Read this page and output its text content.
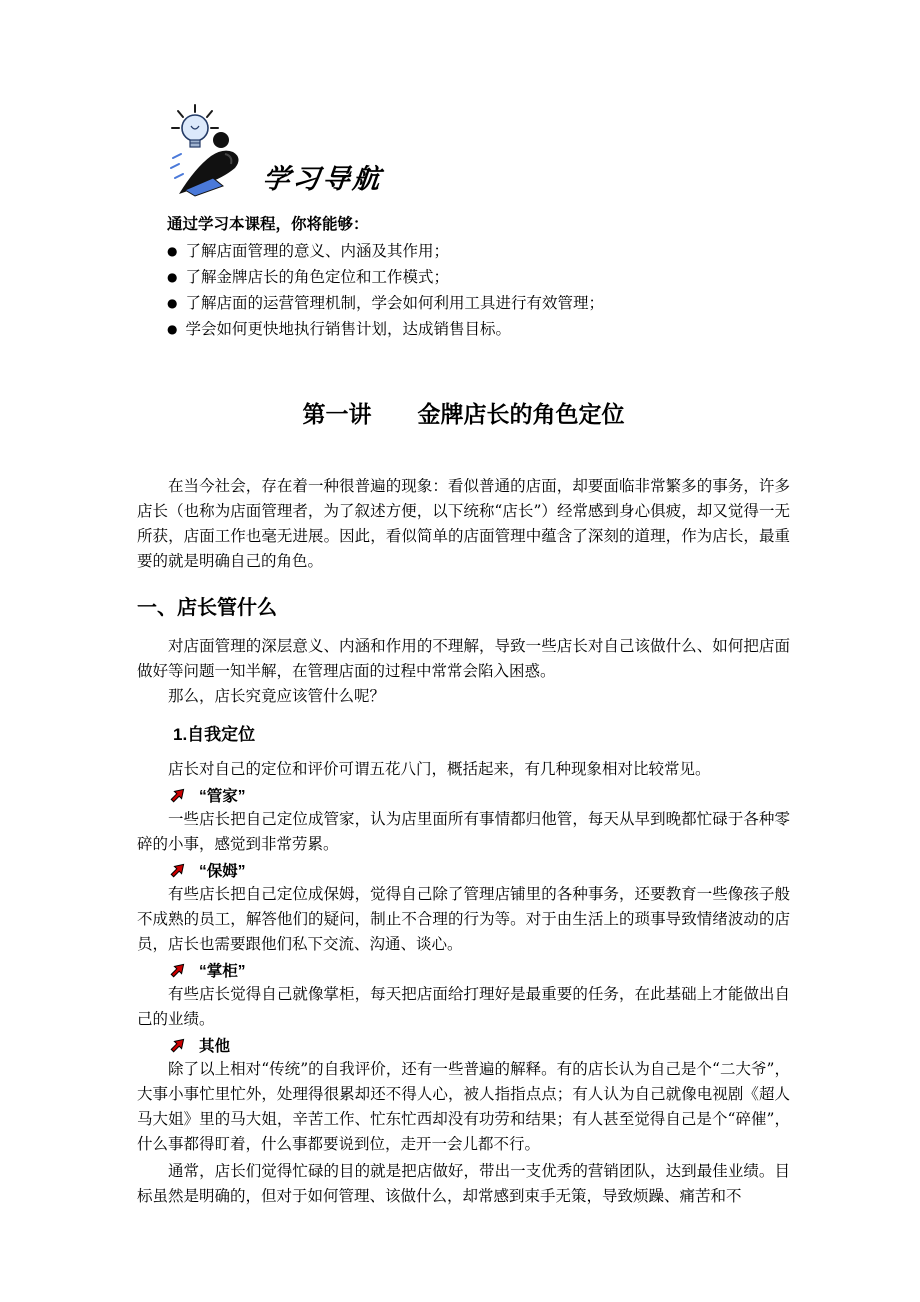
学习导航
通过学习本课程，你将能够：
● 了解店面管理的意义、内涵及其作用；
● 了解金牌店长的角色定位和工作模式；
● 了解店面的运营管理机制，学会如何利用工具进行有效管理；
● 学会如何更快地执行销售计划，达成销售目标。
第一讲　　金牌店长的角色定位

在当今社会，存在着一种很普遍的现象：看似普通的店面，却要面临非常繁多的事务，许多店长（也称为店面管理者，为了叙述方便，以下统称“店长”）经常感到身心俱疲，却又觉得一无所获，店面工作也毫无进展。因此，看似简单的店面管理中蕴含了深刻的道理，作为店长，最重要的就是明确自己的角色。

一、店长管什么

对店面管理的深层意义、内涵和作用的不理解，导致一些店长对自己该做什么、如何把店面做好等问题一知半解，在管理店面的过程中常常会陷入困惑。

那么，店长究竟应该管什么呢？

1.自我定位

店长对自己的定位和评价可谓五花八门，概括起来，有几种现象相对比较常见。

“管家”

一些店长把自己定位成管家，认为店里面所有事情都归他管，每天从早到晚都忙碌于各种零碎的小事，感觉到非常劳累。

“保姆”

有些店长把自己定位成保姆，觉得自己除了管理店铺里的各种事务，还要教育一些像孩子般不成熟的员工，解答他们的疑问，制止不合理的行为等。对于由生活上的琐事导致情绪波动的店员，店长也需要跟他们私下交流、沟通、谈心。

“掌柜”

有些店长觉得自己就像掌柜，每天把店面给打理好是最重要的任务，在此基础上才能做出自己的业绩。

其他

除了以上相对“传统”的自我评价，还有一些普遍的解释。有的店长认为自己是个“二大爷”，大事小事忙里忙外，处理得很累却还不得人心，被人指指点点；有人认为自己就像电视剧《超人马大姐》里的马大姐，辛苦工作、忙东忙西却没有功劳和结果；有人甚至觉得自己是个“碎催”，什么事都得盯着，什么事都要说到位，走开一会儿都不行。

通常，店长们觉得忙碌的目的就是把店做好，带出一支优秀的营销团队，达到最佳业绩。目标虽然是明确的，但对于如何管理、该做什么，却常感到束手无策，导致烦躁、痛苦和不
